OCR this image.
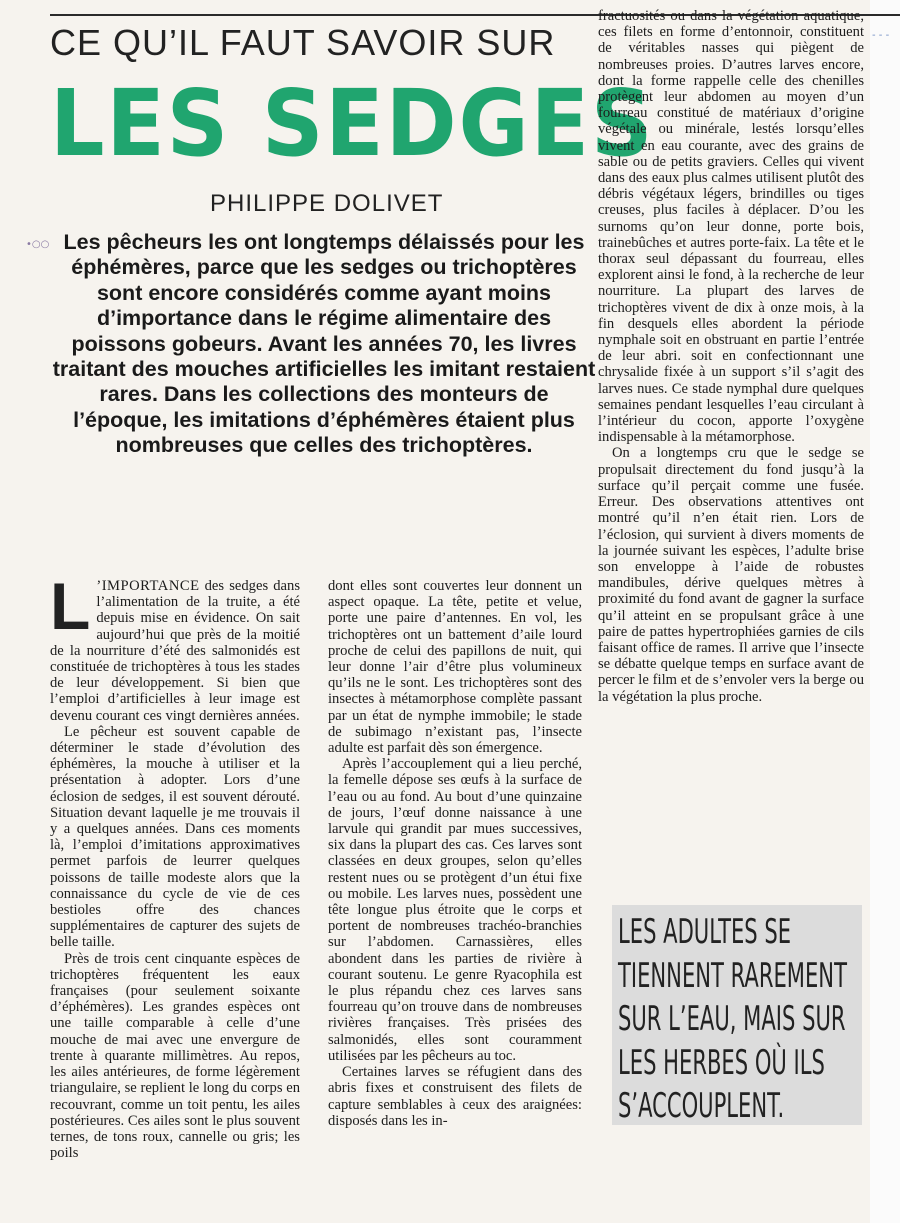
- - -
CE QU’IL FAUT SAVOIR SUR
LES SEDGES
PHILIPPE DOLIVET
•○○ Les pêcheurs les ont longtemps délaissés pour les éphémères, parce que les sedges ou trichoptères sont encore considérés comme ayant moins d’importance dans le régime alimentaire des poissons gobeurs. Avant les années 70, les livres traitant des mouches artificielles les imitant restaient rares. Dans les collections des monteurs de l’époque, les imitations d’éphémères étaient plus nombreuses que celles des trichoptères.

L ’IMPORTANCE des sedges dans l’alimentation de la truite, a été depuis mise en évidence. On sait aujourd’hui que près de la moitié de la nourriture d’été des salmonidés est constituée de trichoptères à tous les stades de leur développement. Si bien que l’emploi d’artificielles à leur image est devenu courant ces vingt dernières années.

Le pêcheur est souvent capable de déterminer le stade d’évolution des éphémères, la mouche à utiliser et la présentation à adopter. Lors d’une éclosion de sedges, il est souvent dérouté. Situation devant laquelle je me trouvais il y a quelques années. Dans ces moments là, l’emploi d’imitations approximatives permet parfois de leurrer quelques poissons de taille modeste alors que la connaissance du cycle de vie de ces bestioles offre des chances supplémentaires de capturer des sujets de belle taille.

Près de trois cent cinquante espèces de trichoptères fréquentent les eaux françaises (pour seulement soixante d’éphémères). Les grandes espèces ont une taille comparable à celle d’une mouche de mai avec une envergure de trente à quarante millimètres. Au repos, les ailes antérieures, de forme légèrement triangulaire, se replient le long du corps en recouvrant, comme un toit pentu, les ailes postérieures. Ces ailes sont le plus souvent ternes, de tons roux, cannelle ou gris; les poils

dont elles sont couvertes leur donnent un aspect opaque. La tête, petite et velue, porte une paire d’antennes. En vol, les trichoptères ont un battement d’aile lourd proche de celui des papillons de nuit, qui leur donne l’air d’être plus volumineux qu’ils ne le sont. Les trichoptères sont des insectes à métamorphose complète passant par un état de nymphe immobile; le stade de subimago n’existant pas, l’insecte adulte est parfait dès son émergence.

Après l’accouplement qui a lieu perché, la femelle dépose ses œufs à la surface de l’eau ou au fond. Au bout d’une quinzaine de jours, l’œuf donne naissance à une larvule qui grandit par mues successives, six dans la plupart des cas. Ces larves sont classées en deux groupes, selon qu’elles restent nues ou se protègent d’un étui fixe ou mobile. Les larves nues, possèdent une tête longue plus étroite que le corps et portent de nombreuses trachéo-branchies sur l’abdomen. Carnassières, elles abondent dans les parties de rivière à courant soutenu. Le genre Ryacophila est le plus répandu chez ces larves sans fourreau qu’on trouve dans de nombreuses rivières françaises. Très prisées des salmonidés, elles sont couramment utilisées par les pêcheurs au toc.

Certaines larves se réfugient dans des abris fixes et construisent des filets de capture semblables à ceux des araignées: disposés dans les in-

fractuosités ou dans la végétation aquatique, ces filets en forme d’entonnoir, constituent de véritables nasses qui piègent de nombreuses proies. D’autres larves encore, dont la forme rappelle celle des chenilles protègent leur abdomen au moyen d’un fourreau constitué de matériaux d’origine végétale ou minérale, lestés lorsqu’elles vivent en eau courante, avec des grains de sable ou de petits graviers. Celles qui vivent dans des eaux plus calmes utilisent plutôt des débris végétaux légers, brindilles ou tiges creuses, plus faciles à déplacer. D’ou les surnoms qu’on leur donne, porte bois, trainebûches et autres porte-faix. La tête et le thorax seul dépassant du fourreau, elles explorent ainsi le fond, à la recherche de leur nourriture. La plupart des larves de trichoptères vivent de dix à onze mois, à la fin desquels elles abordent la période nymphale soit en obstruant en partie l’entrée de leur abri. soit en confectionnant une chrysalide fixée à un support s’il s’agit des larves nues. Ce stade nymphal dure quelques semaines pendant lesquelles l’eau circulant à l’intérieur du cocon, apporte l’oxygène indispensable à la métamorphose.

On a longtemps cru que le sedge se propulsait directement du fond jusqu’à la surface qu’il perçait comme une fusée. Erreur. Des observations attentives ont montré qu’il n’en était rien. Lors de l’éclosion, qui survient à divers moments de la journée suivant les espèces, l’adulte brise son enveloppe à l’aide de robustes mandibules, dérive quelques mètres à proximité du fond avant de gagner la surface qu’il atteint en se propulsant grâce à une paire de pattes hypertrophiées garnies de cils faisant office de rames. Il arrive que l’insecte se débatte quelque temps en surface avant de percer le film et de s’envoler vers la berge ou la végétation la plus proche.

LES ADULTES SE TIENNENT RAREMENT SUR L’EAU, MAIS SUR LES HERBES OÙ ILS S’ACCOUPLENT.
